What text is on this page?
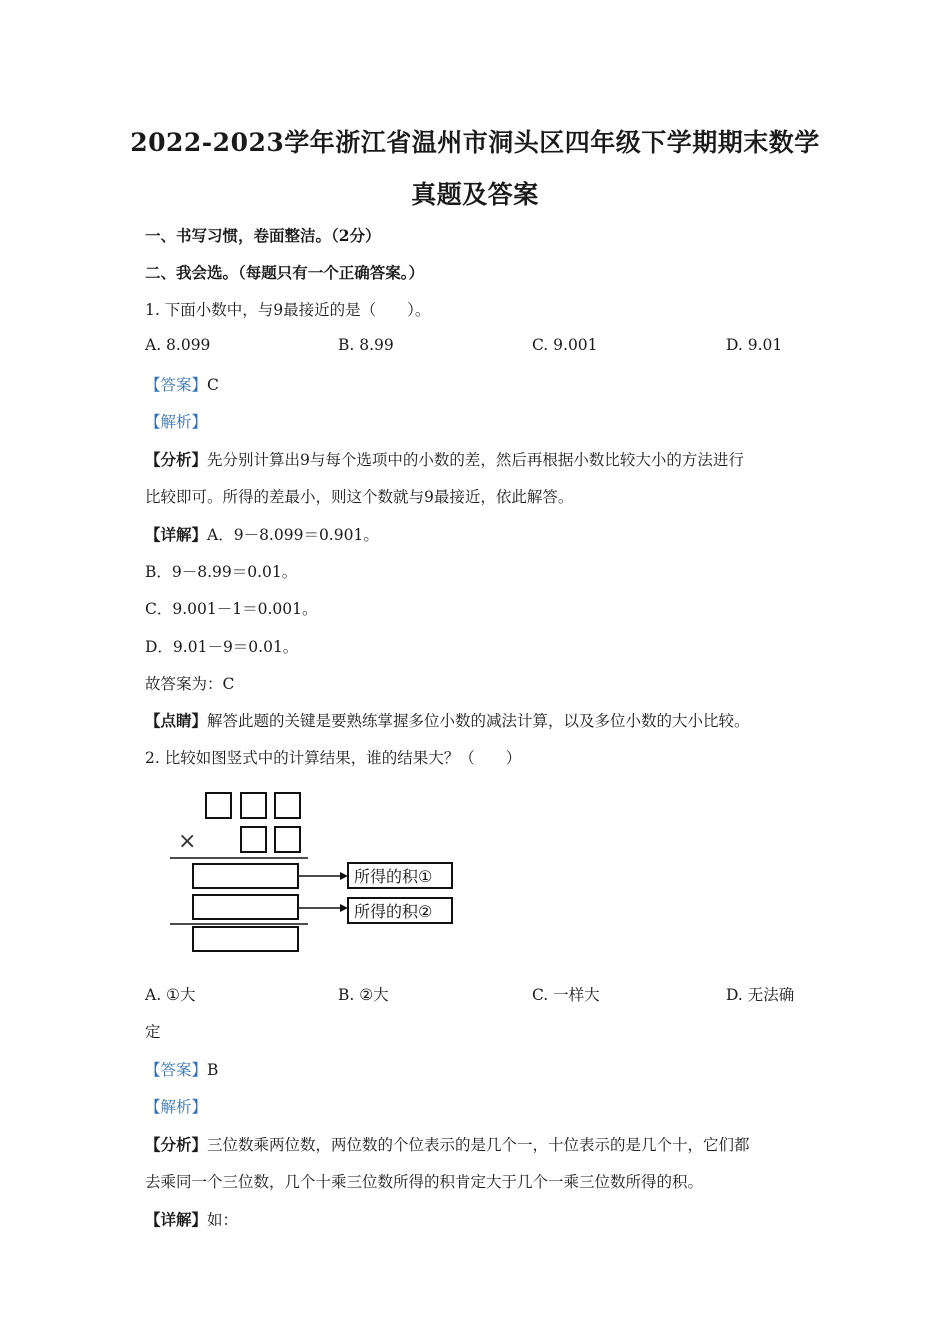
2022-2023学年浙江省温州市洞头区四年级下学期期末数学
真题及答案
一、书写习惯，卷面整洁。（2分）
二、我会选。（每题只有一个正确答案。）
1. 下面小数中，与9最接近的是（　　）。
A. 8.099	B. 8.99	C. 9.001	D. 9.01
【答案】C
【解析】
【分析】先分别计算出9与每个选项中的小数的差，然后再根据小数比较大小的方法进行
比较即可。所得的差最小，则这个数就与9最接近，依此解答。
【详解】A．9－8.099＝0.901。
B．9－8.99＝0.01。
C．9.001－1＝0.001。
D．9.01－9＝0.01。
故答案为：C
【点睛】解答此题的关键是要熟练掌握多位小数的减法计算，以及多位小数的大小比较。
2. 比较如图竖式中的计算结果，谁的结果大？（　　）
×
所得的积①
所得的积②
A. ①大	B. ②大	C. 一样大	D. 无法确
定
【答案】B
【解析】
【分析】三位数乘两位数，两位数的个位表示的是几个一，十位表示的是几个十，它们都
去乘同一个三位数，几个十乘三位数所得的积肯定大于几个一乘三位数所得的积。
【详解】如：
